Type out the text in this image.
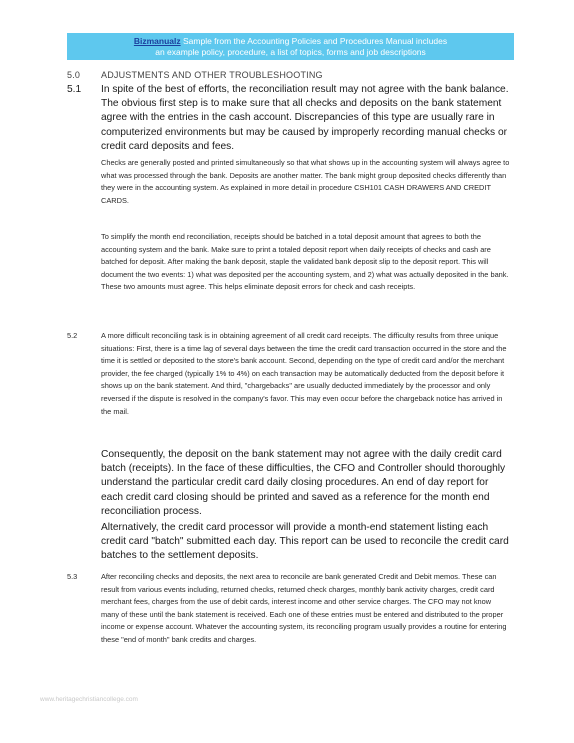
Bizmanualz Sample from the Accounting Policies and Procedures Manual includes
an example policy, procedure, a list of topics, forms and job descriptions
5.0 ADJUSTMENTS AND OTHER TROUBLESHOOTING
5.1 In spite of the best of efforts, the reconciliation result may not agree with the bank balance. The obvious first step is to make sure that all checks and deposits on the bank statement agree with the entries in the cash account. Discrepancies of this type are usually rare in computerized environments but may be caused by improperly recording manual checks or credit card deposits and fees.
Checks are generally posted and printed simultaneously so that what shows up in the accounting system will always agree to what was processed through the bank. Deposits are another matter. The bank might group deposited checks differently than they were in the accounting system. As explained in more detail in procedure CSH101 CASH DRAWERS AND CREDIT CARDS.
To simplify the month end reconciliation, receipts should be batched in a total deposit amount that agrees to both the accounting system and the bank. Make sure to print a totaled deposit report when daily receipts of checks and cash are batched for deposit. After making the bank deposit, staple the validated bank deposit slip to the deposit report. This will document the two events: 1) what was deposited per the accounting system, and 2) what was actually deposited in the bank. These two amounts must agree. This helps eliminate deposit errors for check and cash receipts.
5.2	A more difficult reconciling task is in obtaining agreement of all credit card receipts. The difficulty results from three unique situations: First, there is a time lag of several days between the time the credit card transaction occurred in the store and the time it is settled or deposited to the store's bank account. Second, depending on the type of credit card and/or the merchant provider, the fee charged (typically 1% to 4%) on each transaction may be automatically deducted from the deposit before it shows up on the bank statement. And third, "chargebacks" are usually deducted immediately by the processor and only reversed if the dispute is resolved in the company's favor. This may even occur before the chargeback notice has arrived in the mail.
Consequently, the deposit on the bank statement may not agree with the daily credit card batch (receipts). In the face of these difficulties, the CFO and Controller should thoroughly understand the particular credit card daily closing procedures. An end of day report for each credit card closing should be printed and saved as a reference for the month end reconciliation process.
Alternatively, the credit card processor will provide a month-end statement listing each credit card "batch" submitted each day. This report can be used to reconcile the credit card batches to the settlement deposits.
5.3	After reconciling checks and deposits, the next area to reconcile are bank generated Credit and Debit memos. These can result from various events including, returned checks, returned check charges, monthly bank activity charges, credit card merchant fees, charges from the use of debit cards, interest income and other service charges. The CFO may not know many of these until the bank statement is received. Each one of these entries must be entered and distributed to the proper income or expense account. Whatever the accounting system, its reconciling program usually provides a routine for entering these "end of month" bank credits and charges.
www.heritagechristiancollege.com
